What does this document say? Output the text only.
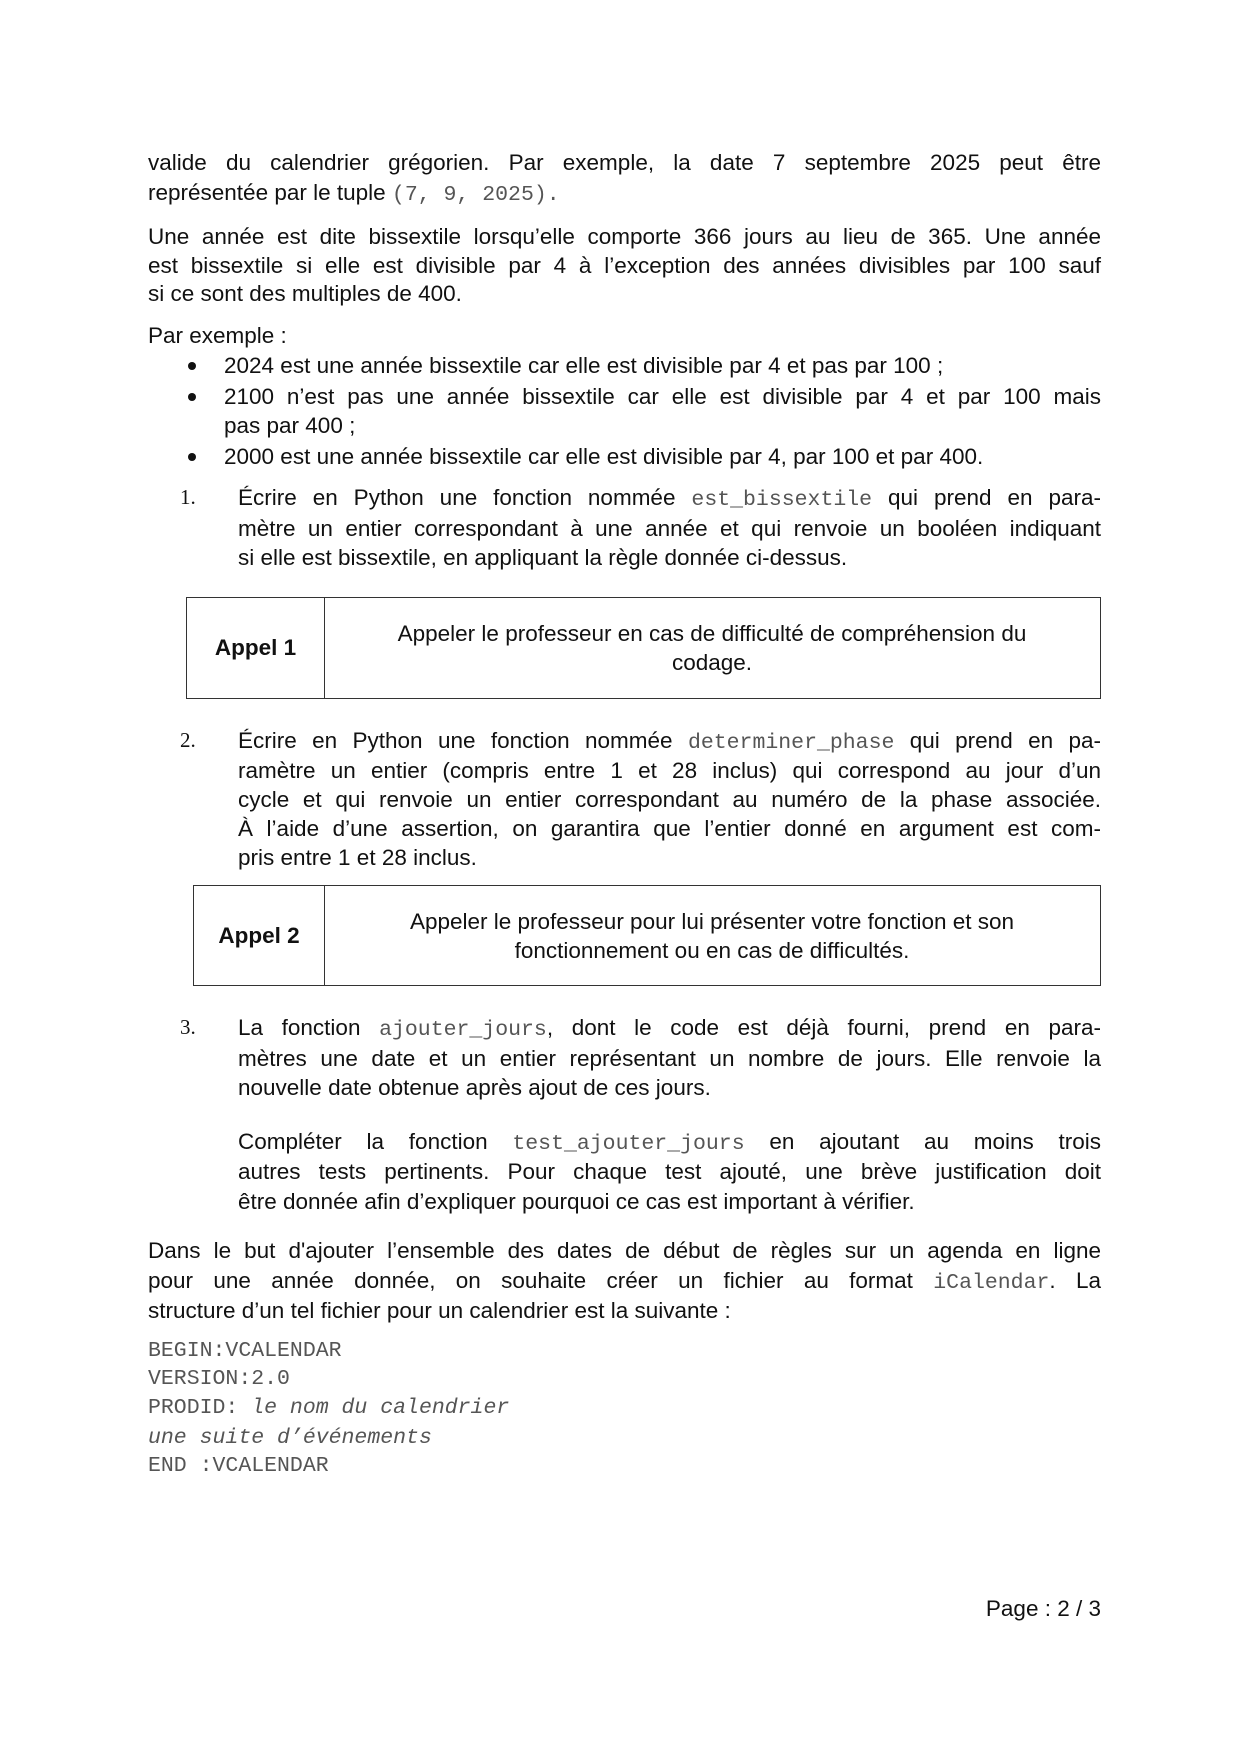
valide du calendrier grégorien. Par exemple, la date 7 septembre 2025 peut être
représentée par le tuple (7, 9, 2025).
Une année est dite bissextile lorsqu’elle comporte 366 jours au lieu de 365. Une année
est bissextile si elle est divisible par 4 à l’exception des années divisibles par 100 sauf
si ce sont des multiples de 400.
Par exemple :
2024 est une année bissextile car elle est divisible par 4 et pas par 100 ;
2100 n’est pas une année bissextile car elle est divisible par 4 et par 100 mais
pas par 400 ;
2000 est une année bissextile car elle est divisible par 4, par 100 et par 400.
1. Écrire en Python une fonction nommée est_bissextile qui prend en para-
mètre un entier correspondant à une année et qui renvoie un booléen indiquant
si elle est bissextile, en appliquant la règle donnée ci-dessus.
Appel 1
Appeler le professeur en cas de difficulté de compréhension du
codage.
2. Écrire en Python une fonction nommée determiner_phase qui prend en pa-
ramètre un entier (compris entre 1 et 28 inclus) qui correspond au jour d’un
cycle et qui renvoie un entier correspondant au numéro de la phase associée.
À l’aide d’une assertion, on garantira que l’entier donné en argument est com-
pris entre 1 et 28 inclus.
Appel 2
Appeler le professeur pour lui présenter votre fonction et son
fonctionnement ou en cas de difficultés.
3. La fonction ajouter_jours, dont le code est déjà fourni, prend en para-
mètres une date et un entier représentant un nombre de jours. Elle renvoie la
nouvelle date obtenue après ajout de ces jours.
Compléter la fonction test_ajouter_jours en ajoutant au moins trois
autres tests pertinents. Pour chaque test ajouté, une brève justification doit
être donnée afin d’expliquer pourquoi ce cas est important à vérifier.
Dans le but d'ajouter l’ensemble des dates de début de règles sur un agenda en ligne
pour une année donnée, on souhaite créer un fichier au format iCalendar. La
structure d’un tel fichier pour un calendrier est la suivante :
BEGIN:VCALENDAR
VERSION:2.0
PRODID: le nom du calendrier
une suite d’événements
END :VCALENDAR
Page : 2 / 3
